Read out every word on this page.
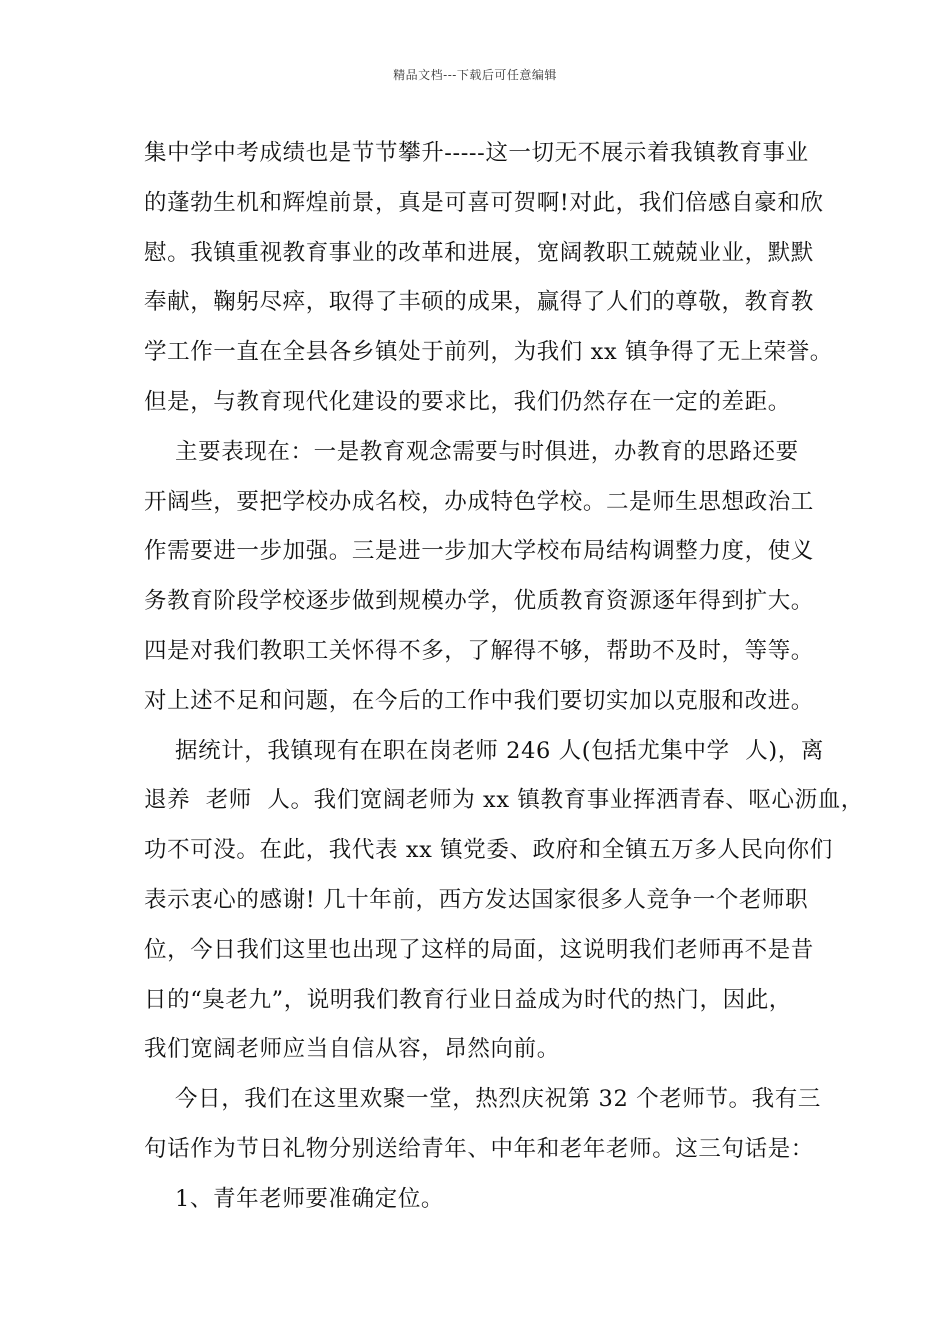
精品文档---下载后可任意编辑
集中学中考成绩也是节节攀升-----这一切无不展示着我镇教育事业
的蓬勃生机和辉煌前景，真是可喜可贺啊!对此，我们倍感自豪和欣
慰。我镇重视教育事业的改革和进展，宽阔教职工兢兢业业，默默
奉献，鞠躬尽瘁，取得了丰硕的成果，赢得了人们的尊敬，教育教
学工作一直在全县各乡镇处于前列，为我们 xx 镇争得了无上荣誉。
但是，与教育现代化建设的要求比，我们仍然存在一定的差距。
主要表现在：一是教育观念需要与时俱进，办教育的思路还要
开阔些，要把学校办成名校，办成特色学校。二是师生思想政治工
作需要进一步加强。三是进一步加大学校布局结构调整力度，使义
务教育阶段学校逐步做到规模办学，优质教育资源逐年得到扩大。
四是对我们教职工关怀得不多，了解得不够，帮助不及时，等等。
对上述不足和问题，在今后的工作中我们要切实加以克服和改进。
据统计，我镇现有在职在岗老师 246 人(包括尤集中学  人)，离
退养  老师  人。我们宽阔老师为 xx 镇教育事业挥洒青春、呕心沥血，
功不可没。在此，我代表 xx 镇党委、政府和全镇五万多人民向你们
表示衷心的感谢! 几十年前，西方发达国家很多人竞争一个老师职
位，今日我们这里也出现了这样的局面，这说明我们老师再不是昔
日的“臭老九”，说明我们教育行业日益成为时代的热门，因此，
我们宽阔老师应当自信从容，昂然向前。
今日，我们在这里欢聚一堂，热烈庆祝第 32 个老师节。我有三
句话作为节日礼物分别送给青年、中年和老年老师。这三句话是：
1、青年老师要准确定位。
